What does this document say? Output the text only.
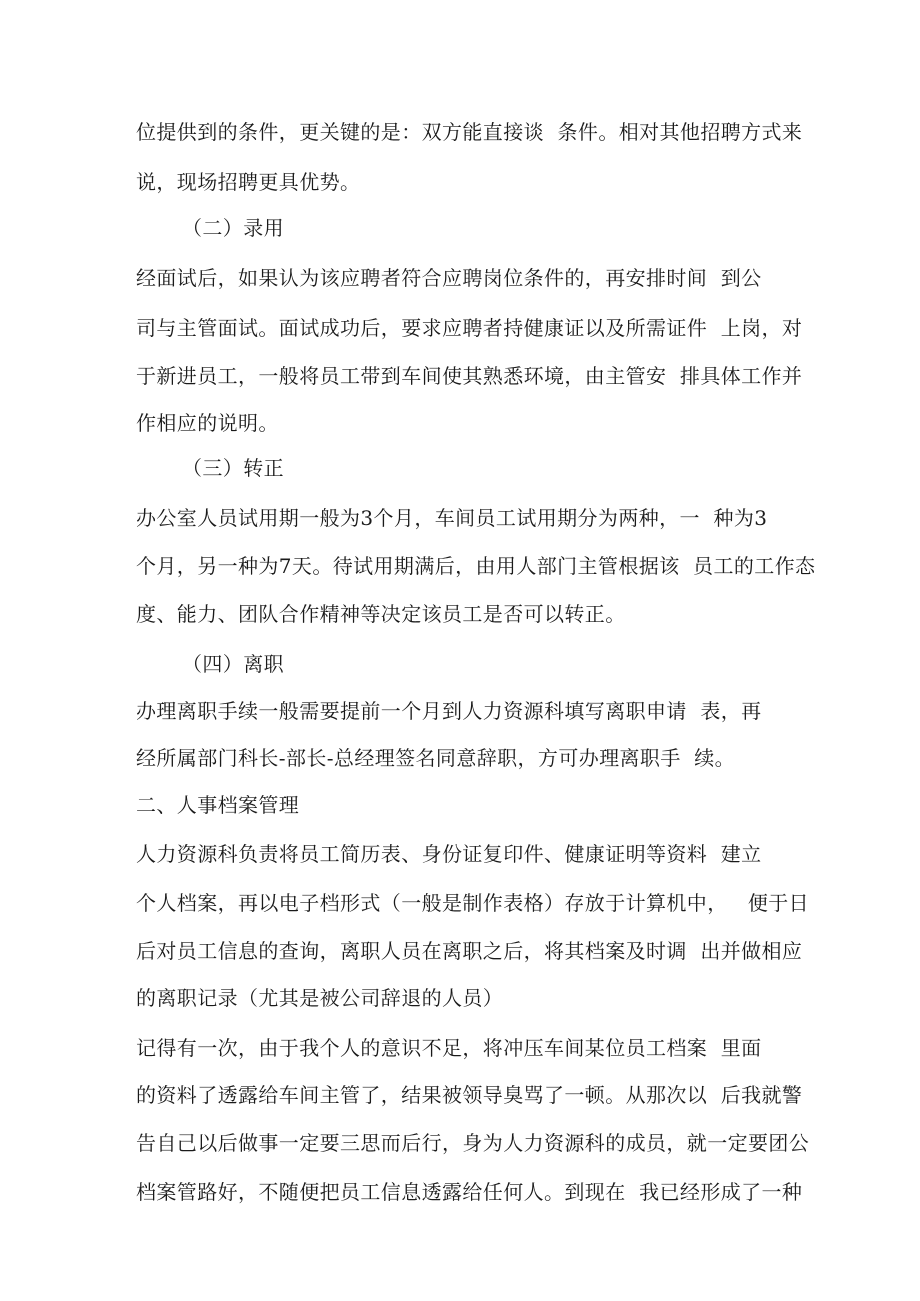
位提供到的条件，更关键的是：双方能直接谈  条件。相对其他招聘方式来

说，现场招聘更具优势。

（二）录用

经面试后，如果认为该应聘者符合应聘岗位条件的，再安排时间  到公

司与主管面试。面试成功后，要求应聘者持健康证以及所需证件  上岗，对

于新进员工，一般将员工带到车间使其熟悉环境，由主管安  排具体工作并

作相应的说明。

（三）转正

办公室人员试用期一般为3个月，车间员工试用期分为两种，一  种为3

个月，另一种为7天。待试用期满后，由用人部门主管根据该  员工的工作态

度、能力、团队合作精神等决定该员工是否可以转正。

（四）离职

办理离职手续一般需要提前一个月到人力资源科填写离职申请  表，再

经所属部门科长-部长-总经理签名同意辞职，方可办理离职手  续。

二、人事档案管理

人力资源科负责将员工简历表、身份证复印件、健康证明等资料  建立

个人档案，再以电子档形式（一般是制作表格）存放于计算机中，   便于日

后对员工信息的查询，离职人员在离职之后，将其档案及时调  出并做相应

的离职记录（尤其是被公司辞退的人员）

记得有一次，由于我个人的意识不足，将冲压车间某位员工档案  里面

的资料了透露给车间主管了，结果被领导臭骂了一顿。从那次以  后我就警

告自己以后做事一定要三思而后行，身为人力资源科的成员，就一定要团公

档案管路好，不随便把员工信息透露给任何人。到现在  我已经形成了一种
